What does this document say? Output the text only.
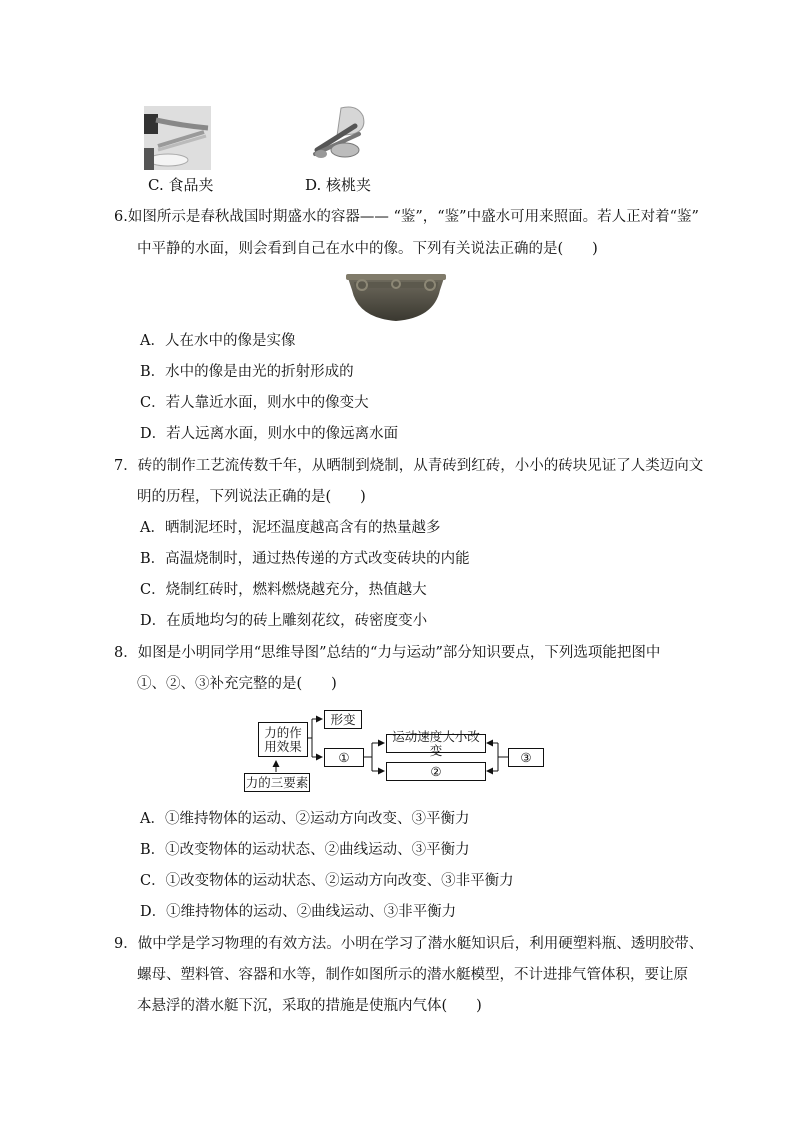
C. 食品夹	D. 核桃夹
6.如图所示是春秋战国时期盛水的容器—— “鉴”，“鉴”中盛水可用来照面。若人正对着“鉴”
中平静的水面，则会看到自己在水中的像。下列有关说法正确的是(　　)
A．人在水中的像是实像
B．水中的像是由光的折射形成的
C．若人靠近水面，则水中的像变大
D．若人远离水面，则水中的像远离水面
7．砖的制作工艺流传数千年，从晒制到烧制，从青砖到红砖，小小的砖块见证了人类迈向文
明的历程，下列说法正确的是(　　)
A．晒制泥坯时，泥坯温度越高含有的热量越多
B．高温烧制时，通过热传递的方式改变砖块的内能
C．烧制红砖时，燃料燃烧越充分，热值越大
D．在质地均匀的砖上雕刻花纹，砖密度变小
8．如图是小明同学用“思维导图”总结的“力与运动”部分知识要点，下列选项能把图中
①、②、③补充完整的是(　　)
力的作用效果
形变
①
运动速度大小改变
②
③
力的三要素
A．①维持物体的运动、②运动方向改变、③平衡力
B．①改变物体的运动状态、②曲线运动、③平衡力
C．①改变物体的运动状态、②运动方向改变、③非平衡力
D．①维持物体的运动、②曲线运动、③非平衡力
9．做中学是学习物理的有效方法。小明在学习了潜水艇知识后，利用硬塑料瓶、透明胶带、
螺母、塑料管、容器和水等，制作如图所示的潜水艇模型，不计进排气管体积，要让原
本悬浮的潜水艇下沉，采取的措施是使瓶内气体(　　)
